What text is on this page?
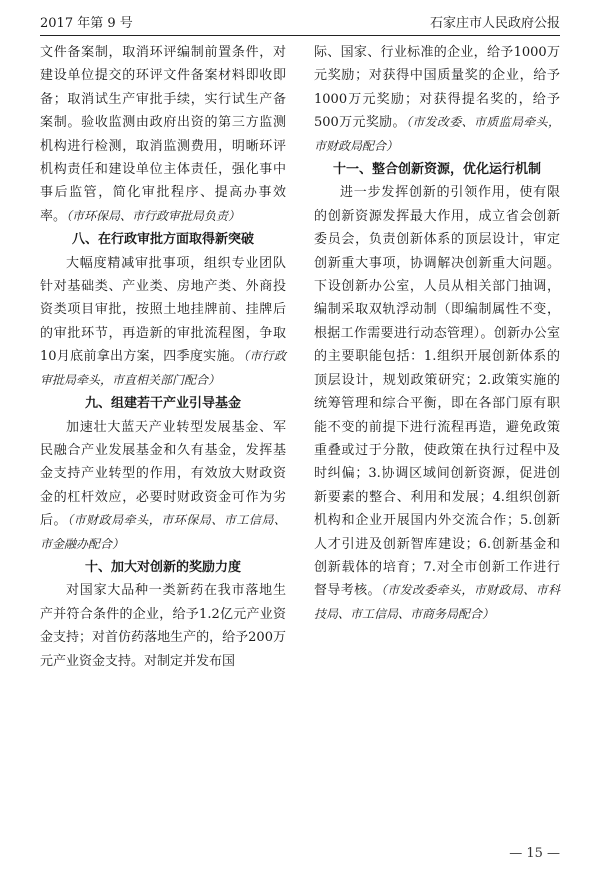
2017 年第 9 号	石家庄市人民政府公报

文件备案制，取消环评编制前置条件，对建设单位提交的环评文件备案材料即收即备；取消试生产审批手续，实行试生产备案制。验收监测由政府出资的第三方监测机构进行检测，取消监测费用，明晰环评机构责任和建设单位主体责任，强化事中事后监管，简化审批程序、提高办事效率。（市环保局、市行政审批局负责）

八、在行政审批方面取得新突破

大幅度精减审批事项，组织专业团队针对基础类、产业类、房地产类、外商投资类项目审批，按照土地挂牌前、挂牌后的审批环节，再造新的审批流程图，争取10月底前拿出方案，四季度实施。（市行政审批局牵头，市直相关部门配合）

九、组建若干产业引导基金

加速壮大蓝天产业转型发展基金、军民融合产业发展基金和久有基金，发挥基金支持产业转型的作用，有效放大财政资金的杠杆效应，必要时财政资金可作为劣后。（市财政局牵头，市环保局、市工信局、市金融办配合）

十、加大对创新的奖励力度

对国家大品种一类新药在我市落地生产并符合条件的企业，给予1.2亿元产业资金支持；对首仿药落地生产的，给予200万元产业资金支持。对制定并发布国

际、国家、行业标准的企业，给予1000万元奖励；对获得中国质量奖的企业，给予1000万元奖励；对获得提名奖的，给予500万元奖励。（市发改委、市质监局牵头，市财政局配合）

十一、整合创新资源，优化运行机制

进一步发挥创新的引领作用，使有限的创新资源发挥最大作用，成立省会创新委员会，负责创新体系的顶层设计，审定创新重大事项，协调解决创新重大问题。下设创新办公室，人员从相关部门抽调，编制采取双轨浮动制（即编制属性不变，根据工作需要进行动态管理）。创新办公室的主要职能包括：1.组织开展创新体系的顶层设计，规划政策研究；2.政策实施的统筹管理和综合平衡，即在各部门原有职能不变的前提下进行流程再造，避免政策重叠或过于分散，使政策在执行过程中及时纠偏；3.协调区域间创新资源，促进创新要素的整合、利用和发展；4.组织创新机构和企业开展国内外交流合作；5.创新人才引进及创新智库建设；6.创新基金和创新载体的培育；7.对全市创新工作进行督导考核。（市发改委牵头，市财政局、市科技局、市工信局、市商务局配合）

— 15 —
